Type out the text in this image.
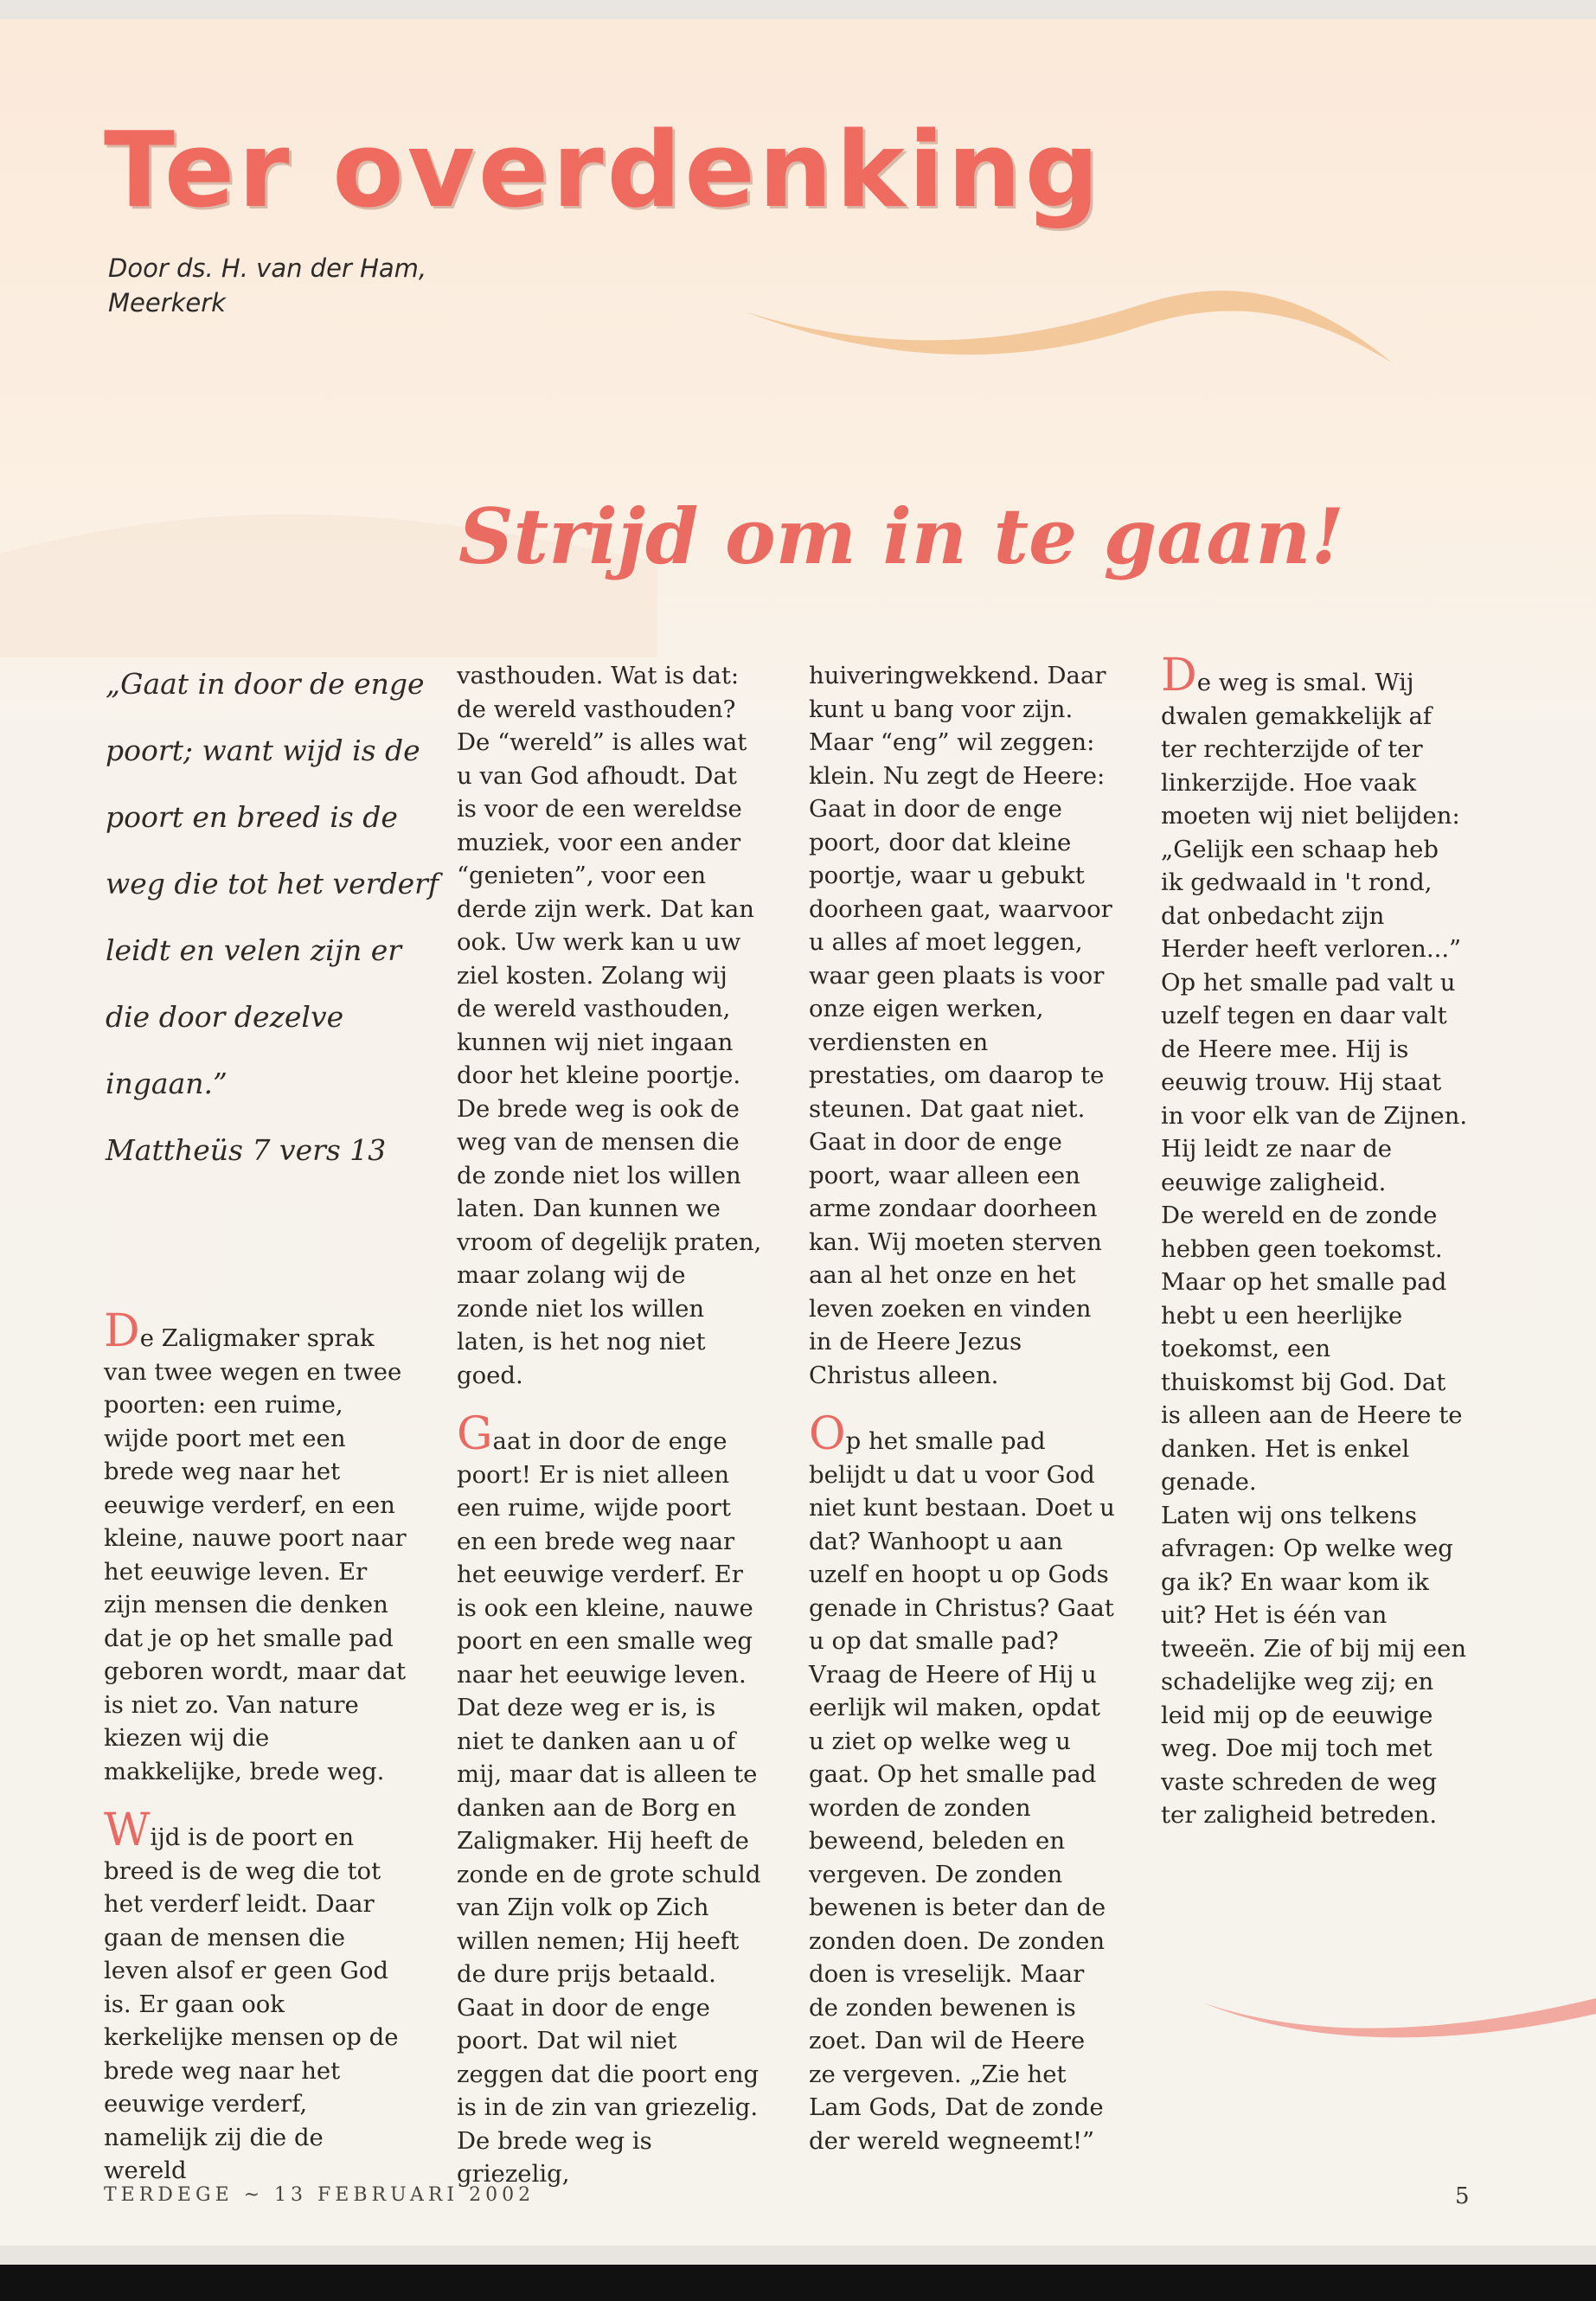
Ter overdenking
Door ds. H. van der Ham,
Meerkerk
Strijd om in te gaan!

„Gaat in door de enge

poort; want wijd is de

poort en breed is de

weg die tot het verderf

leidt en velen zijn er

die door dezelve

ingaan.”

Mattheüs 7 vers 13

De Zaligmaker sprak van twee wegen en twee poorten: een ruime, wijde poort met een brede weg naar het eeuwige verderf, en een kleine, nauwe poort naar het eeuwige leven. Er zijn mensen die denken dat je op het smalle pad geboren wordt, maar dat is niet zo. Van nature kiezen wij die makkelijke, brede weg.

Wijd is de poort en breed is de weg die tot het verderf leidt. Daar gaan de mensen die leven alsof er geen God is. Er gaan ook kerkelijke mensen op de brede weg naar het eeuwige verderf, namelijk zij die de wereld

vasthouden. Wat is dat: de wereld vasthouden? De “wereld” is alles wat u van God afhoudt. Dat is voor de een wereldse muziek, voor een ander “genieten”, voor een derde zijn werk. Dat kan ook. Uw werk kan u uw ziel kosten. Zolang wij de wereld vasthouden, kunnen wij niet ingaan door het kleine poortje.

De brede weg is ook de weg van de mensen die de zonde niet los willen laten. Dan kunnen we vroom of degelijk praten, maar zolang wij de zonde niet los willen laten, is het nog niet goed.

Gaat in door de enge poort! Er is niet alleen een ruime, wijde poort en een brede weg naar het eeuwige verderf. Er is ook een kleine, nauwe poort en een smalle weg naar het eeuwige leven.

Dat deze weg er is, is niet te danken aan u of mij, maar dat is alleen te danken aan de Borg en Zaligmaker. Hij heeft de zonde en de grote schuld van Zijn volk op Zich willen nemen; Hij heeft de dure prijs betaald.

Gaat in door de enge poort. Dat wil niet zeggen dat die poort eng is in de zin van griezelig. De brede weg is griezelig,

huiveringwekkend. Daar kunt u bang voor zijn. Maar “eng” wil zeggen: klein. Nu zegt de Heere: Gaat in door de enge poort, door dat kleine poortje, waar u gebukt doorheen gaat, waarvoor u alles af moet leggen, waar geen plaats is voor onze eigen werken, verdiensten en prestaties, om daarop te steunen. Dat gaat niet. Gaat in door de enge poort, waar alleen een arme zondaar doorheen kan. Wij moeten sterven aan al het onze en het leven zoeken en vinden in de Heere Jezus Christus alleen.

Op het smalle pad belijdt u dat u voor God niet kunt bestaan. Doet u dat? Wanhoopt u aan uzelf en hoopt u op Gods genade in Christus? Gaat u op dat smalle pad?

Vraag de Heere of Hij u eerlijk wil maken, opdat u ziet op welke weg u gaat. Op het smalle pad worden de zonden beweend, beleden en vergeven. De zonden bewenen is beter dan de zonden doen. De zonden doen is vreselijk. Maar de zonden bewenen is zoet. Dan wil de Heere ze vergeven. „Zie het Lam Gods, Dat de zonde der wereld wegneemt!”

De weg is smal. Wij dwalen gemakkelijk af ter rechterzijde of ter linkerzijde. Hoe vaak moeten wij niet belijden: „Gelijk een schaap heb ik gedwaald in 't rond, dat onbedacht zijn Herder heeft verloren...” Op het smalle pad valt u uzelf tegen en daar valt de Heere mee. Hij is eeuwig trouw. Hij staat in voor elk van de Zijnen. Hij leidt ze naar de eeuwige zaligheid.

De wereld en de zonde hebben geen toekomst. Maar op het smalle pad hebt u een heerlijke toekomst, een thuiskomst bij God. Dat is alleen aan de Heere te danken. Het is enkel genade.

Laten wij ons telkens afvragen: Op welke weg ga ik? En waar kom ik uit? Het is één van tweeën. Zie of bij mij een schadelijke weg zij; en leid mij op de eeuwige weg. Doe mij toch met vaste schreden de weg ter zaligheid betreden.

TERDEGE ~ 13 FEBRUARI 2002	5
